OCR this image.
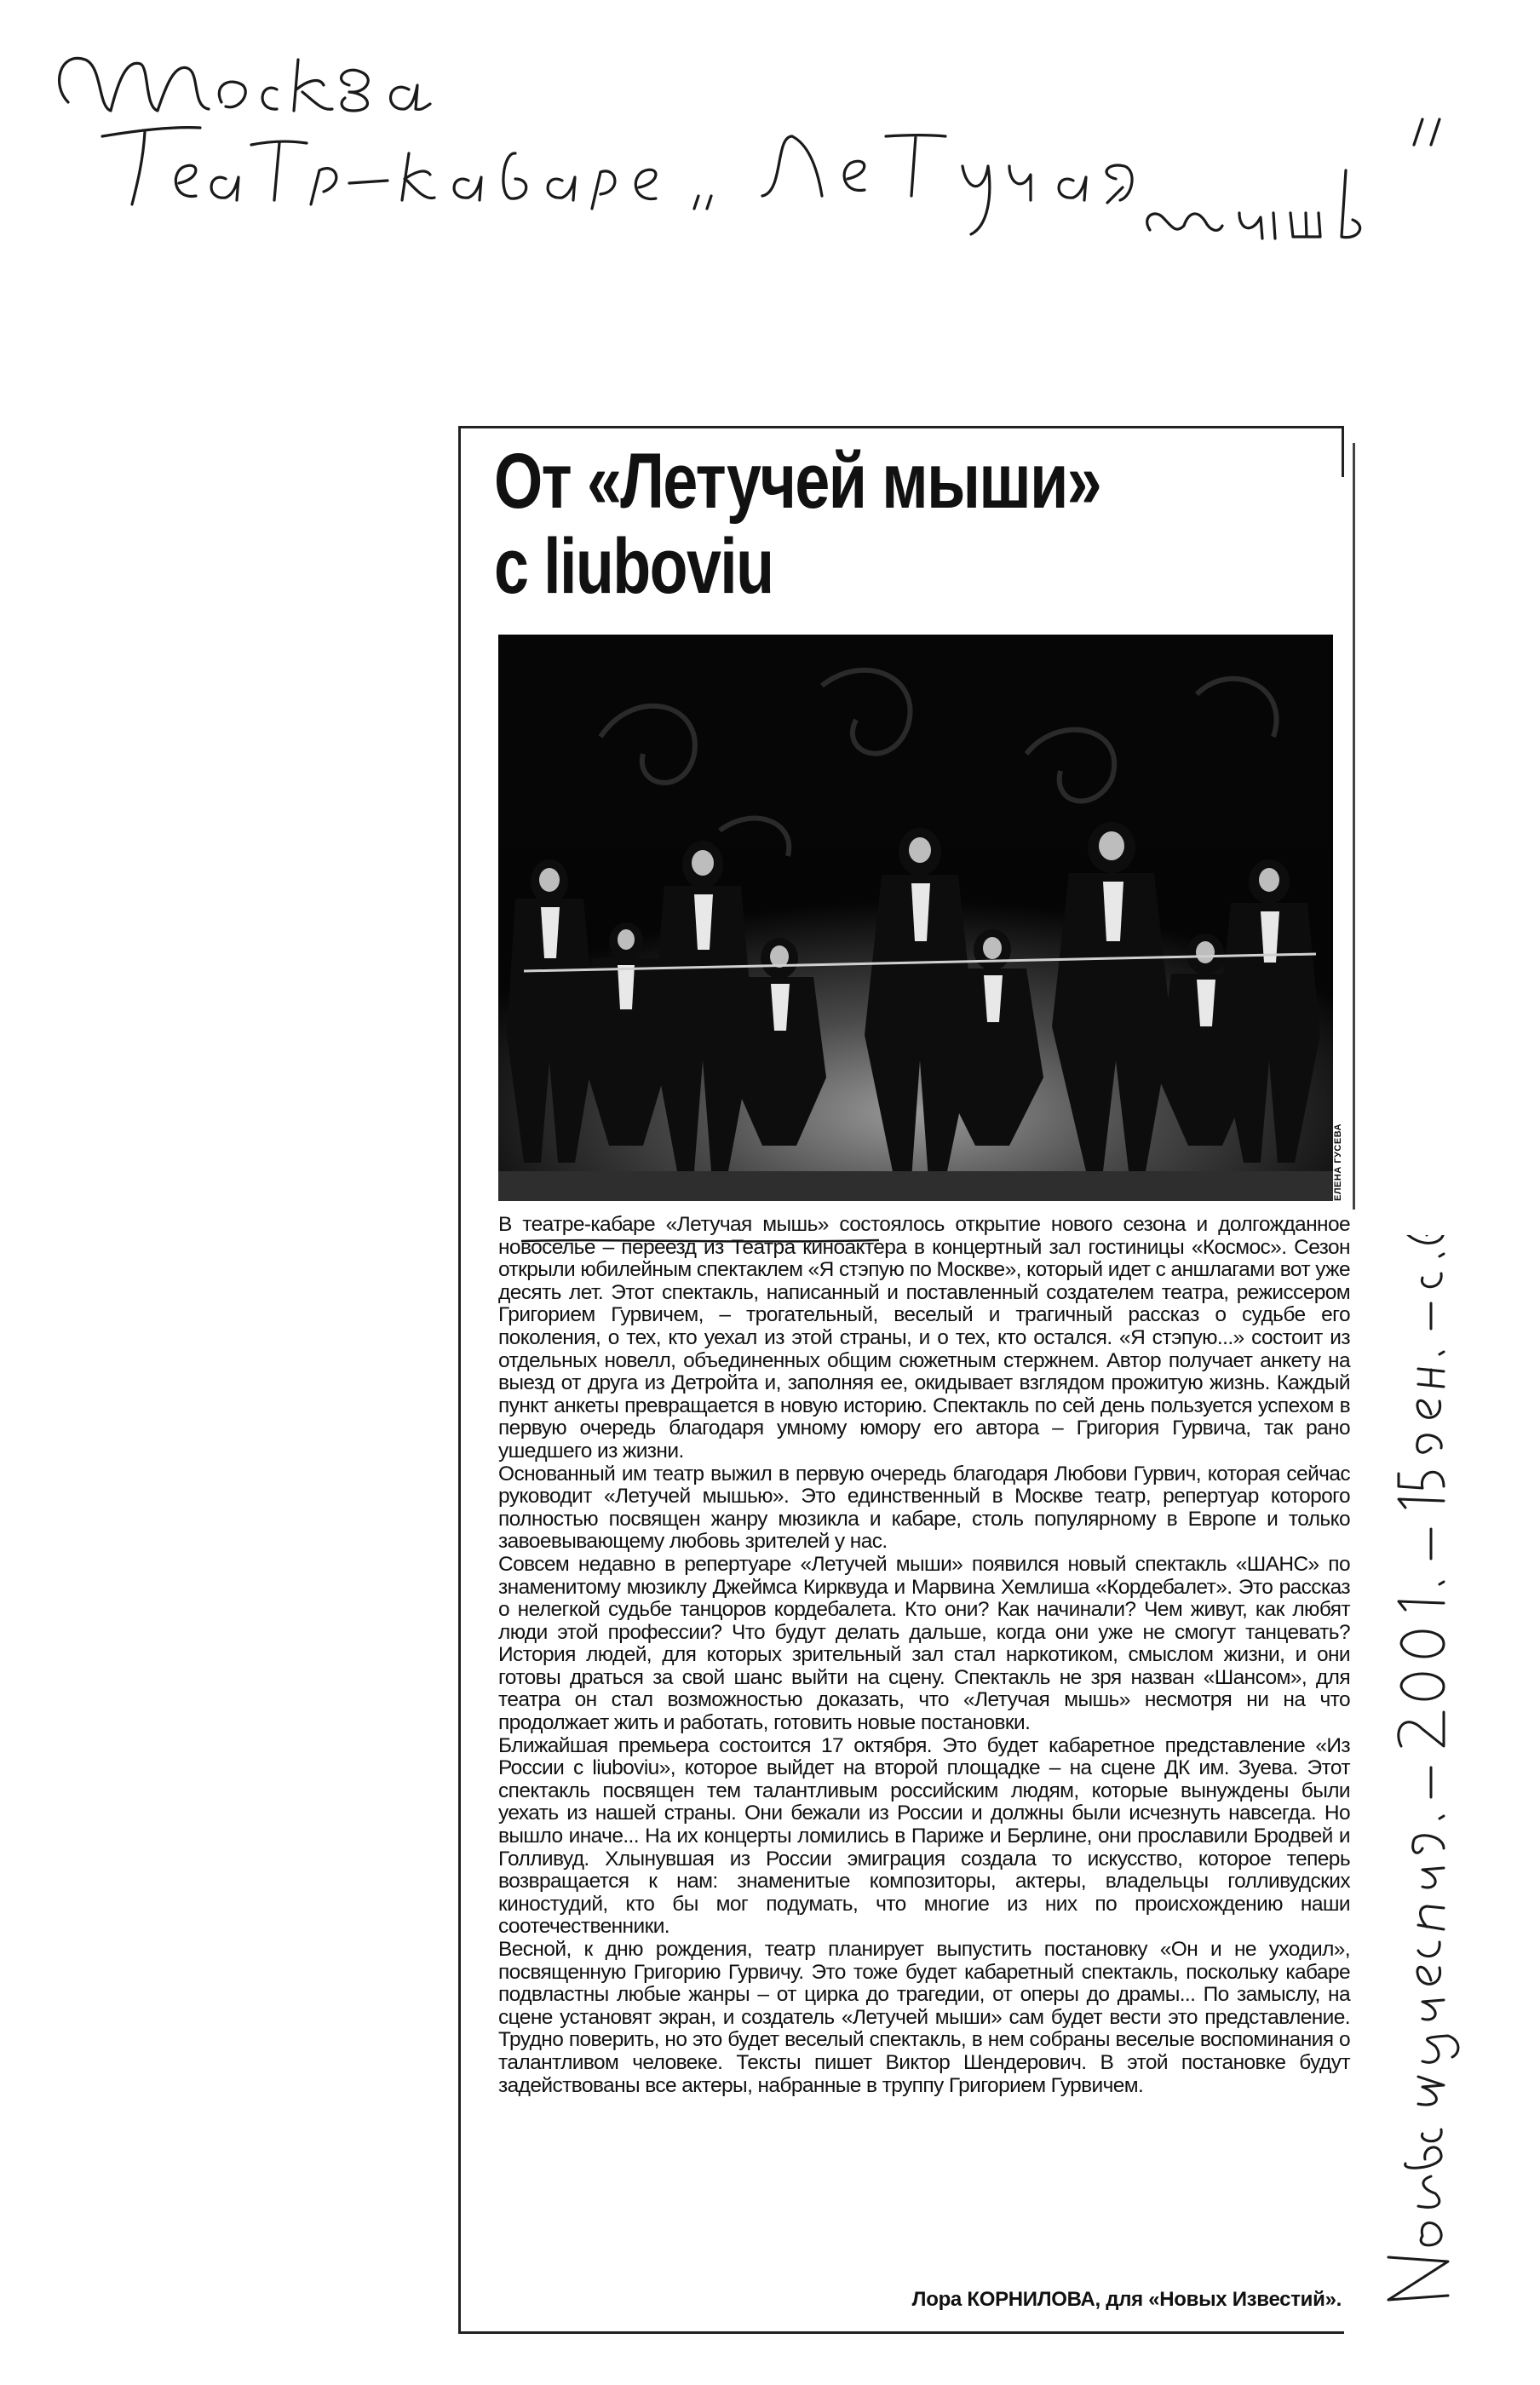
От «Летучей мыши»
с liuboviu
ЕЛЕНА ГУСЕВА

В театре-кабаре «Летучая мышь» состоялось открытие нового сезона и долгожданное новоселье – переезд из Театра киноактера в концертный зал гостиницы «Космос». Сезон открыли юбилейным спектаклем «Я стэпую по Москве», который идет с аншлагами вот уже десять лет. Этот спектакль, написанный и поставленный создателем театра, режиссером Григорием Гурвичем, – трогательный, веселый и трагичный рассказ о судьбе его поколения, о тех, кто уехал из этой страны, и о тех, кто остался. «Я стэпую...» состоит из отдельных новелл, объединенных общим сюжетным стержнем. Автор получает анкету на выезд от друга из Детройта и, заполняя ее, окидывает взглядом прожитую жизнь. Каждый пункт анкеты превращается в новую историю. Спектакль по сей день пользуется успехом в первую очередь благодаря умному юмору его автора – Григория Гурвича, так рано ушедшего из жизни.

Основанный им театр выжил в первую очередь благодаря Любови Гурвич, которая сейчас руководит «Летучей мышью». Это единственный в Москве театр, репертуар которого полностью посвящен жанру мюзикла и кабаре, столь популярному в Европе и только завоевывающему любовь зрителей у нас.

Совсем недавно в репертуаре «Летучей мыши» появился новый спектакль «ШАНС» по знаменитому мюзиклу Джеймса Кирквуда и Марвина Хемлиша «Кордебалет». Это рассказ о нелегкой судьбе танцоров кордебалета. Кто они? Как начинали? Чем живут, как любят люди этой профессии? Что будут делать дальше, когда они уже не смогут танцевать? История людей, для которых зрительный зал стал наркотиком, смыслом жизни, и они готовы драться за свой шанс выйти на сцену. Спектакль не зря назван «Шансом», для театра он стал возможностью доказать, что «Летучая мышь» несмотря ни на что продолжает жить и работать, готовить новые постановки.

Ближайшая премьера состоится 17 октября. Это будет кабаретное представление «Из России с liuboviu», которое выйдет на второй площадке – на сцене ДК им. Зуева. Этот спектакль посвящен тем талантливым российским людям, которые вынуждены были уехать из нашей страны. Они бежали из России и должны были исчезнуть навсегда. Но вышло иначе... На их концерты ломились в Париже и Берлине, они прославили Бродвей и Голливуд. Хлынувшая из России эмиграция создала то искусство, которое теперь возвращается к нам: знаменитые композиторы, актеры, владельцы голливудских киностудий, кто бы мог подумать, что многие из них по происхождению наши соотечественники.

Весной, к дню рождения, театр планирует выпустить постановку «Он и не уходил», посвященную Григорию Гурвичу. Это тоже будет кабаретный спектакль, поскольку кабаре подвластны любые жанры – от цирка до трагедии, от оперы до драмы... По замыслу, на сцене установят экран, и создатель «Летучей мыши» сам будет вести это представление. Трудно поверить, но это будет веселый спектакль, в нем собраны веселые воспоминания о талантливом человеке. Тексты пишет Виктор Шендерович. В этой постановке будут задействованы все актеры, набранные в труппу Григорием Гурвичем.

Лора КОРНИЛОВА, для «Новых Известий».
